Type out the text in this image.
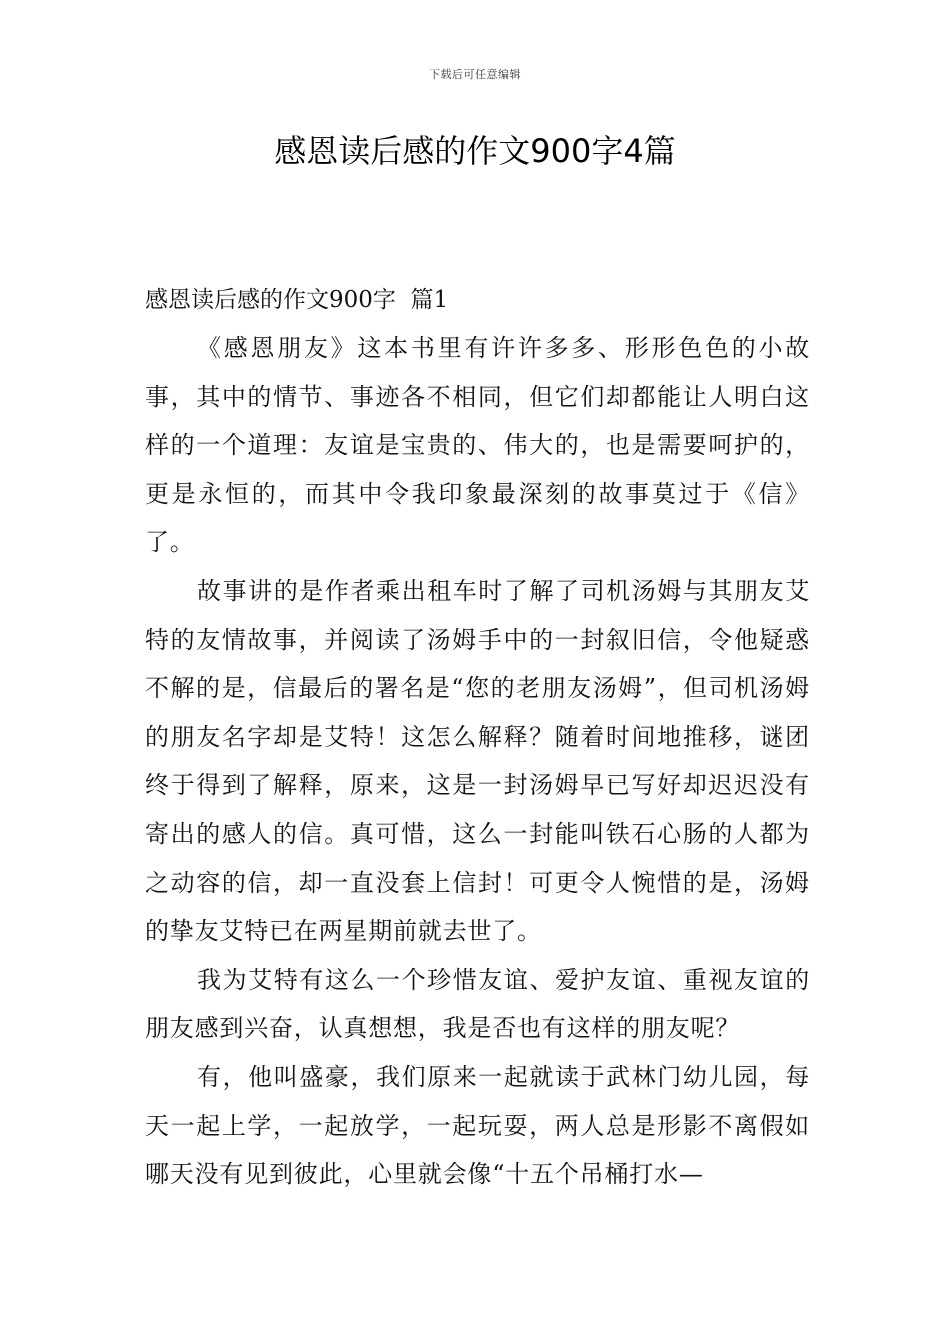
下载后可任意编辑
感恩读后感的作文900字4篇
感恩读后感的作文900字  篇1

《感恩朋友》这本书里有许许多多、形形色色的小故事，其中的情节、事迹各不相同，但它们却都能让人明白这样的一个道理：友谊是宝贵的、伟大的，也是需要呵护的，更是永恒的，而其中令我印象最深刻的故事莫过于《信》了。

故事讲的是作者乘出租车时了解了司机汤姆与其朋友艾特的友情故事，并阅读了汤姆手中的一封叙旧信，令他疑惑不解的是，信最后的署名是“您的老朋友汤姆”，但司机汤姆的朋友名字却是艾特！这怎么解释？随着时间地推移，谜团终于得到了解释，原来，这是一封汤姆早已写好却迟迟没有寄出的感人的信。真可惜，这么一封能叫铁石心肠的人都为之动容的信，却一直没套上信封！可更令人惋惜的是，汤姆的挚友艾特已在两星期前就去世了。

我为艾特有这么一个珍惜友谊、爱护友谊、重视友谊的朋友感到兴奋，认真想想，我是否也有这样的朋友呢？

有，他叫盛豪，我们原来一起就读于武林门幼儿园，每天一起上学，一起放学，一起玩耍，两人总是形影不离假如哪天没有见到彼此，心里就会像“十五个吊桶打水—
